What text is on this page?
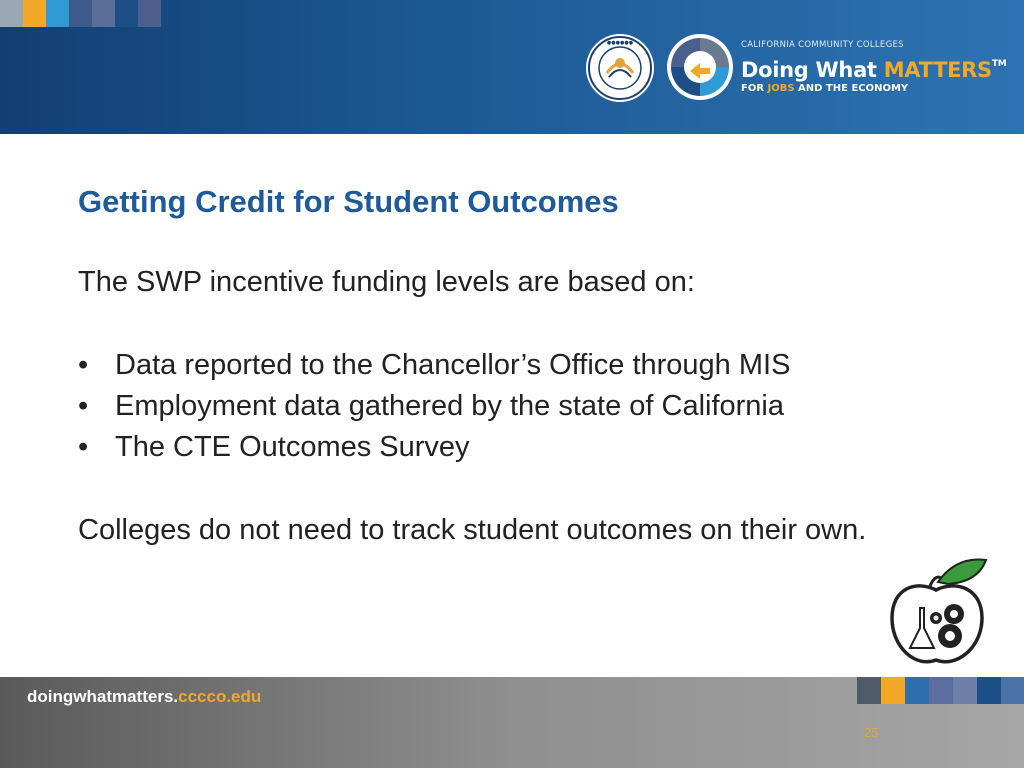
●●●●●●	CALIFORNIA COMMUNITY COLLEGES
Doing What MATTERS™
FOR JOBS AND THE ECONOMY
Getting Credit for Student Outcomes
The SWP incentive funding levels are based on:
• Data reported to the Chancellor’s Office through MIS
• Employment data gathered by the state of California
• The CTE Outcomes Survey
Colleges do not need to track student outcomes on their own.
doingwhatmatters.cccco.edu
25
